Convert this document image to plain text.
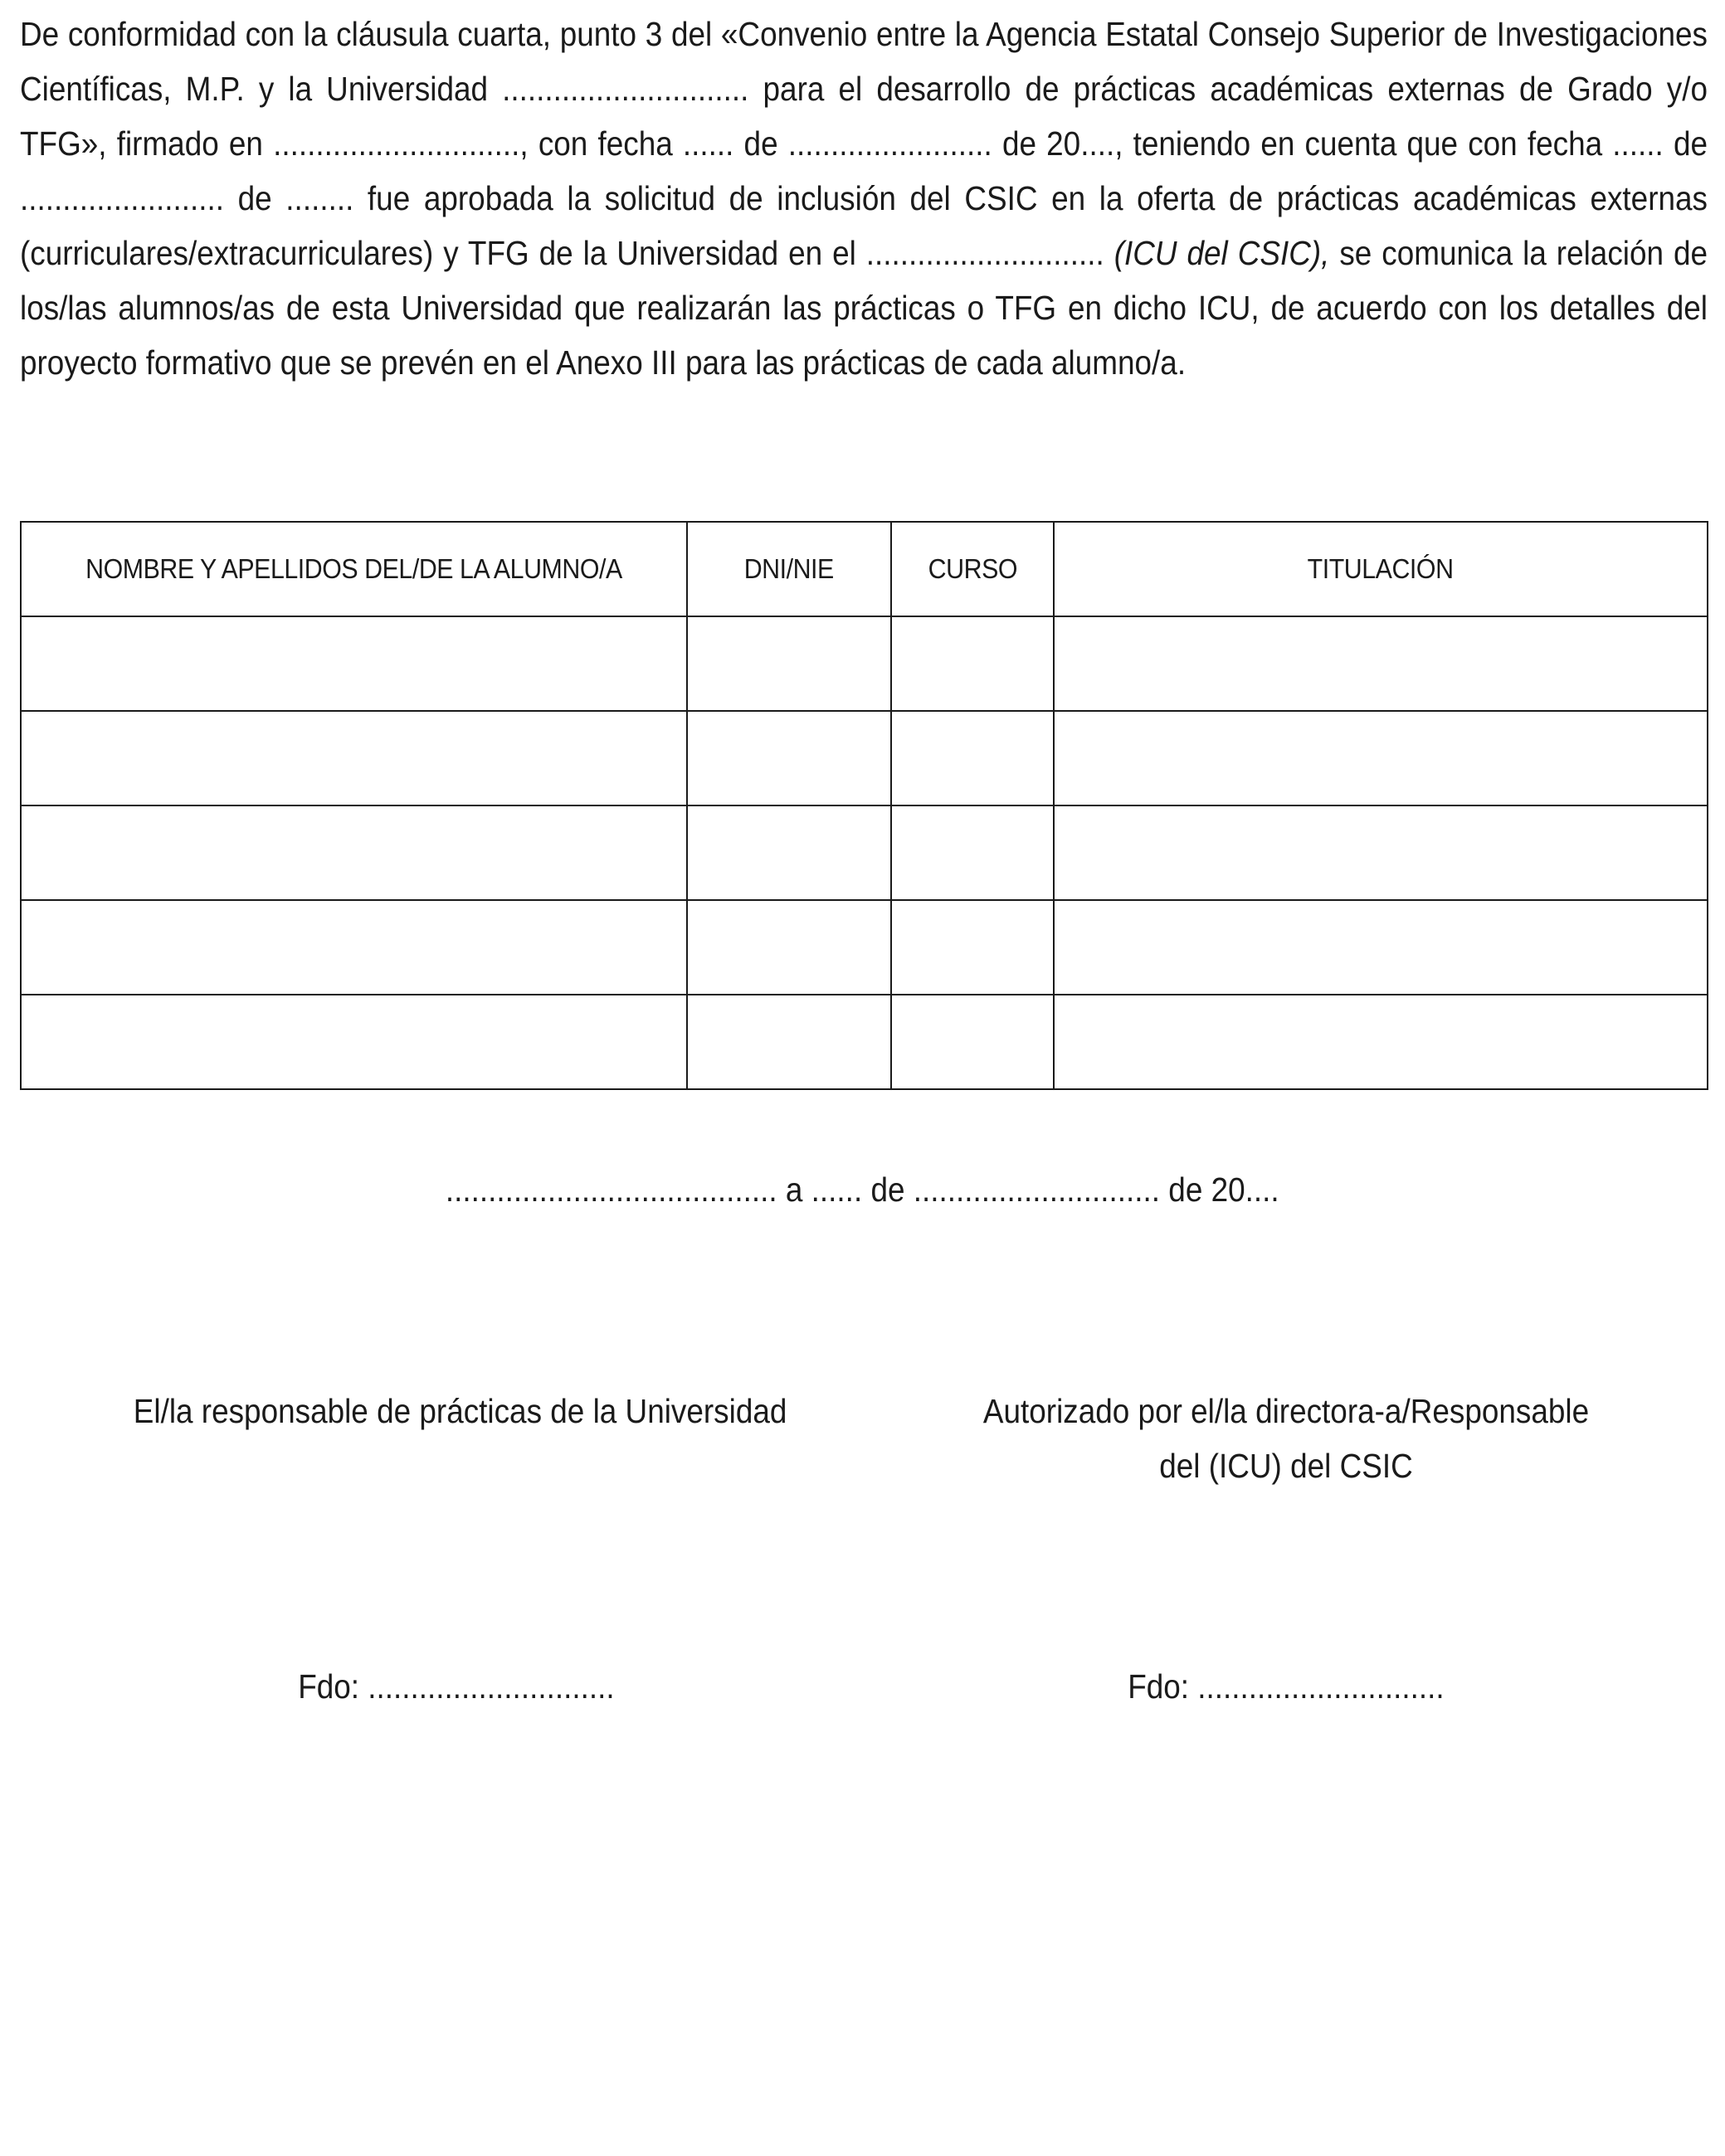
De conformidad con la cláusula cuarta, punto 3 del «Convenio entre la Agencia Estatal Consejo Superior de Investigaciones Científicas, M.P. y la Universidad ............................. para el desarrollo de prácticas académicas externas de Grado y/o TFG», firmado en ............................., con fecha ...... de ........................ de 20...., teniendo en cuenta que con fecha ...... de ........................ de ........ fue aprobada la solicitud de inclusión del CSIC en la oferta de prácticas académicas externas (curriculares/extracurriculares) y TFG de la Universidad en el ............................ (ICU del CSIC), se comunica la relación de los/las alumnos/as de esta Universidad que realizarán las prácticas o TFG en dicho ICU, de acuerdo con los detalles del proyecto formativo que se prevén en el Anexo III para las prácticas de cada alumno/a.

NOMBRE Y APELLIDOS DEL/DE LA ALUMNO/A	DNI/NIE	CURSO	TITULACIÓN

....................................... a ...... de ............................. de 20....
El/la responsable de prácticas de la Universidad	Autorizado por el/la directora-a/Responsable
del (ICU) del CSIC
Fdo: .............................	Fdo: .............................
